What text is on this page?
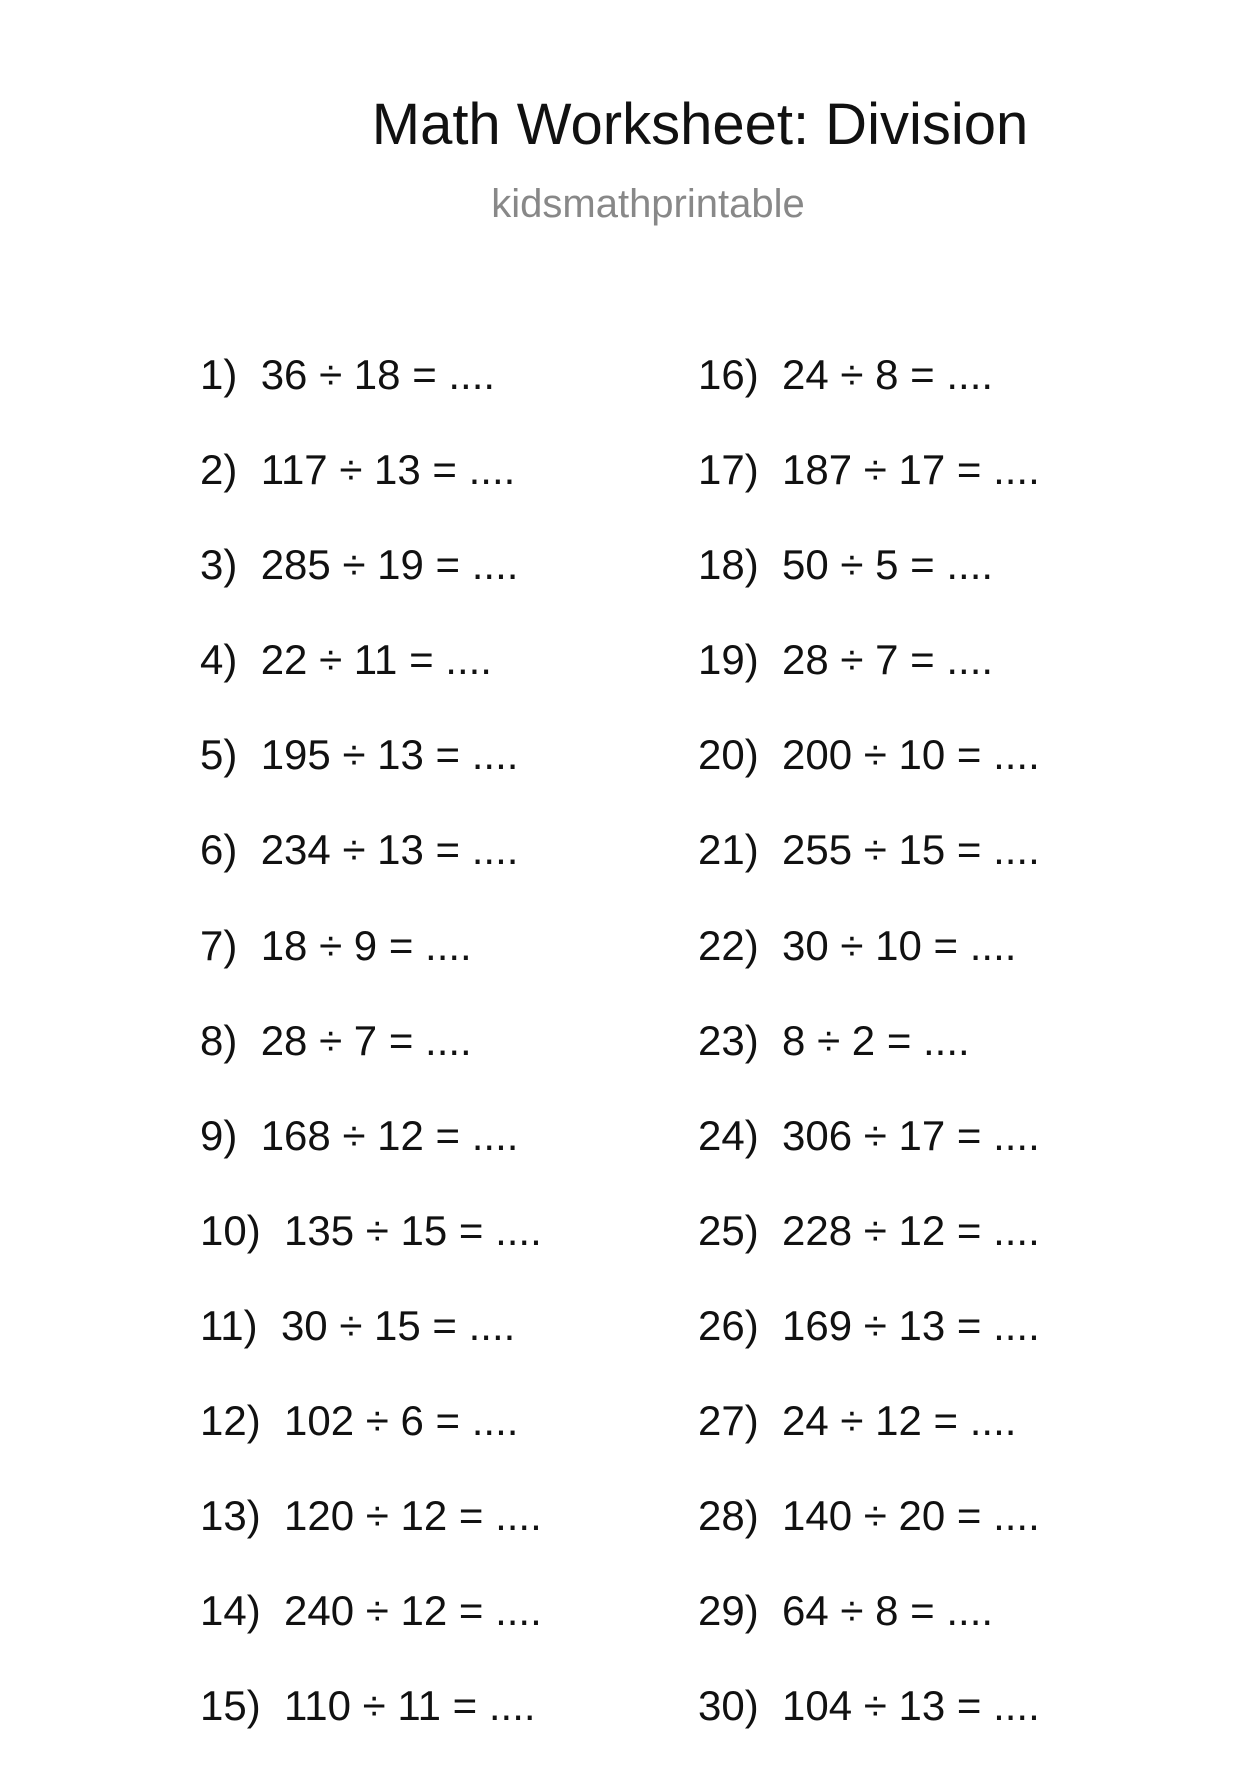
Math Worksheet: Division
kidsmathprintable
1) 36 ÷ 18 = ....
2) 117 ÷ 13 = ....
3) 285 ÷ 19 = ....
4) 22 ÷ 11 = ....
5) 195 ÷ 13 = ....
6) 234 ÷ 13 = ....
7) 18 ÷ 9 = ....
8) 28 ÷ 7 = ....
9) 168 ÷ 12 = ....
10) 135 ÷ 15 = ....
11) 30 ÷ 15 = ....
12) 102 ÷ 6 = ....
13) 120 ÷ 12 = ....
14) 240 ÷ 12 = ....
15) 110 ÷ 11 = ....
16) 24 ÷ 8 = ....
17) 187 ÷ 17 = ....
18) 50 ÷ 5 = ....
19) 28 ÷ 7 = ....
20) 200 ÷ 10 = ....
21) 255 ÷ 15 = ....
22) 30 ÷ 10 = ....
23) 8 ÷ 2 = ....
24) 306 ÷ 17 = ....
25) 228 ÷ 12 = ....
26) 169 ÷ 13 = ....
27) 24 ÷ 12 = ....
28) 140 ÷ 20 = ....
29) 64 ÷ 8 = ....
30) 104 ÷ 13 = ....
